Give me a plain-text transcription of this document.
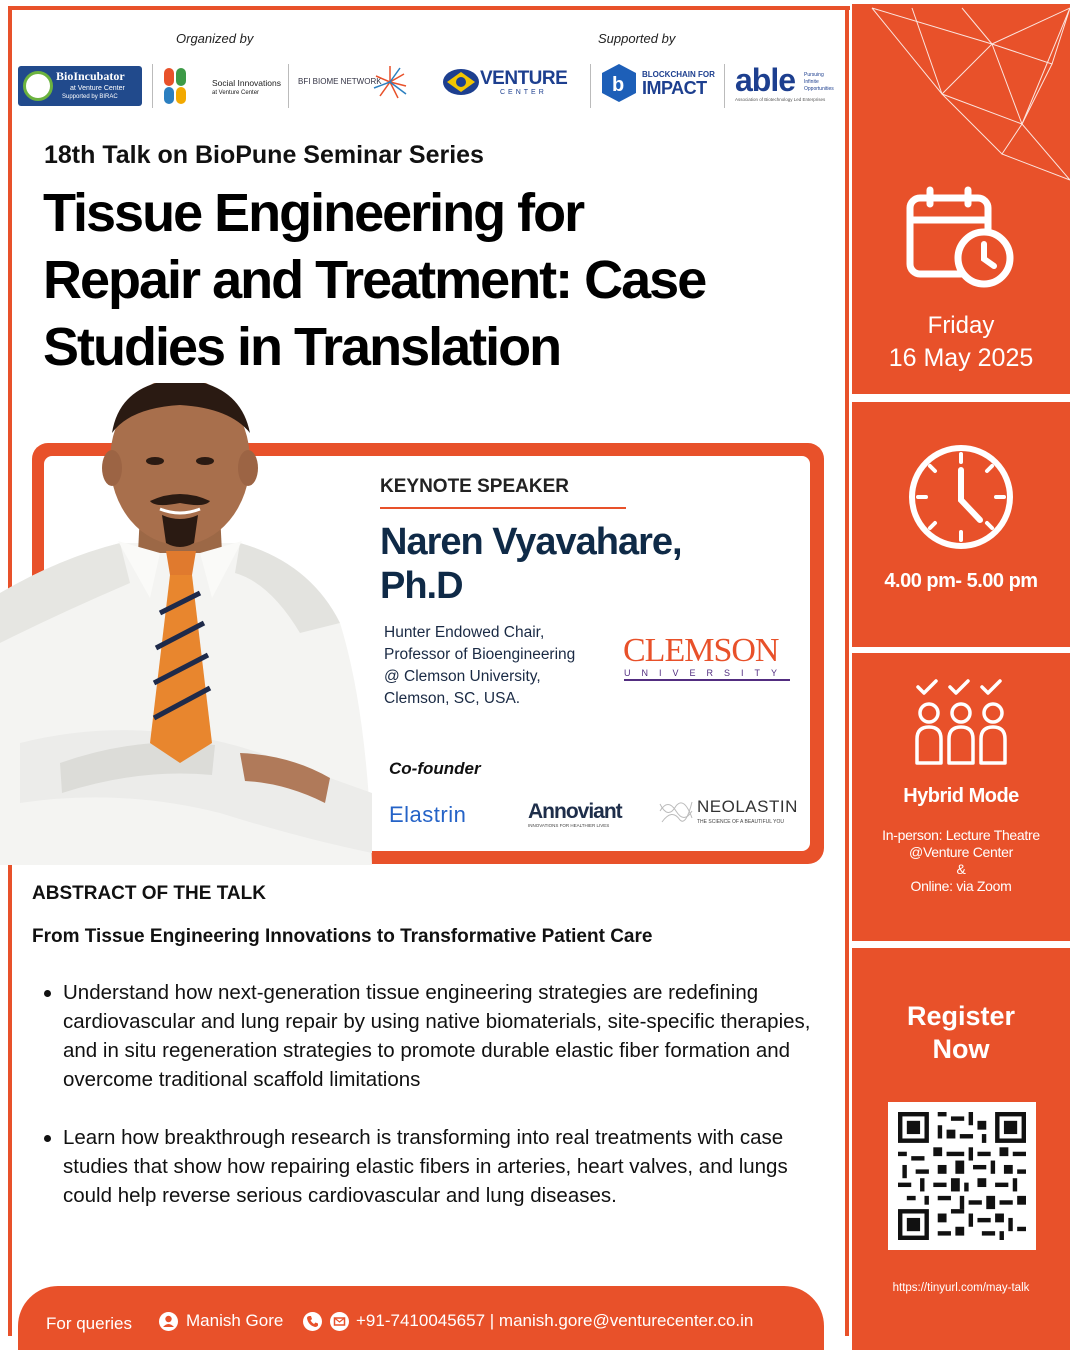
Organized by	Supported by
BioIncubator
at Venture Center
Supported by BIRAC
Social Innovations
at Venture Center
BFI BIOME NETWORK	VENTURE
CENTER	b BLOCKCHAIN FOR
IMPACT able Pursuing
Infinite
Opportunities
Association of Biotechnology Led Enterprises
18th Talk on BioPune Seminar Series
Tissue Engineering for
Repair and Treatment: Case
Studies in Translation
KEYNOTE SPEAKER
Naren Vyavahare,
Ph.D
Hunter Endowed Chair,
Professor of Bioengineering
@ Clemson University,
Clemson, SC, USA.
CLEMSON
UNIVERSITY
Co-founder
Elastrin	Annoviant
INNOVATIONS FOR HEALTHIER LIVES
NEOLASTIN
THE SCIENCE OF A BEAUTIFUL YOU
ABSTRACT OF THE TALK
From Tissue Engineering Innovations to Transformative Patient Care
Understand how next-generation tissue engineering strategies are redefining cardiovascular and lung repair by using native biomaterials, site-specific therapies, and in situ regeneration strategies to promote durable elastic fiber formation and overcome traditional scaffold limitations
Learn how breakthrough research is transforming into real treatments with case studies that show how repairing elastic fibers in arteries, heart valves, and lungs could help reverse serious cardiovascular and lung diseases.
For queries	Manish Gore	+91-7410045657 | manish.gore@venturecenter.co.in
Friday
16 May 2025
4.00 pm- 5.00 pm
Hybrid Mode
In-person: Lecture Theatre
@Venture Center
&
Online: via Zoom
Register
Now
https://tinyurl.com/may-talk
